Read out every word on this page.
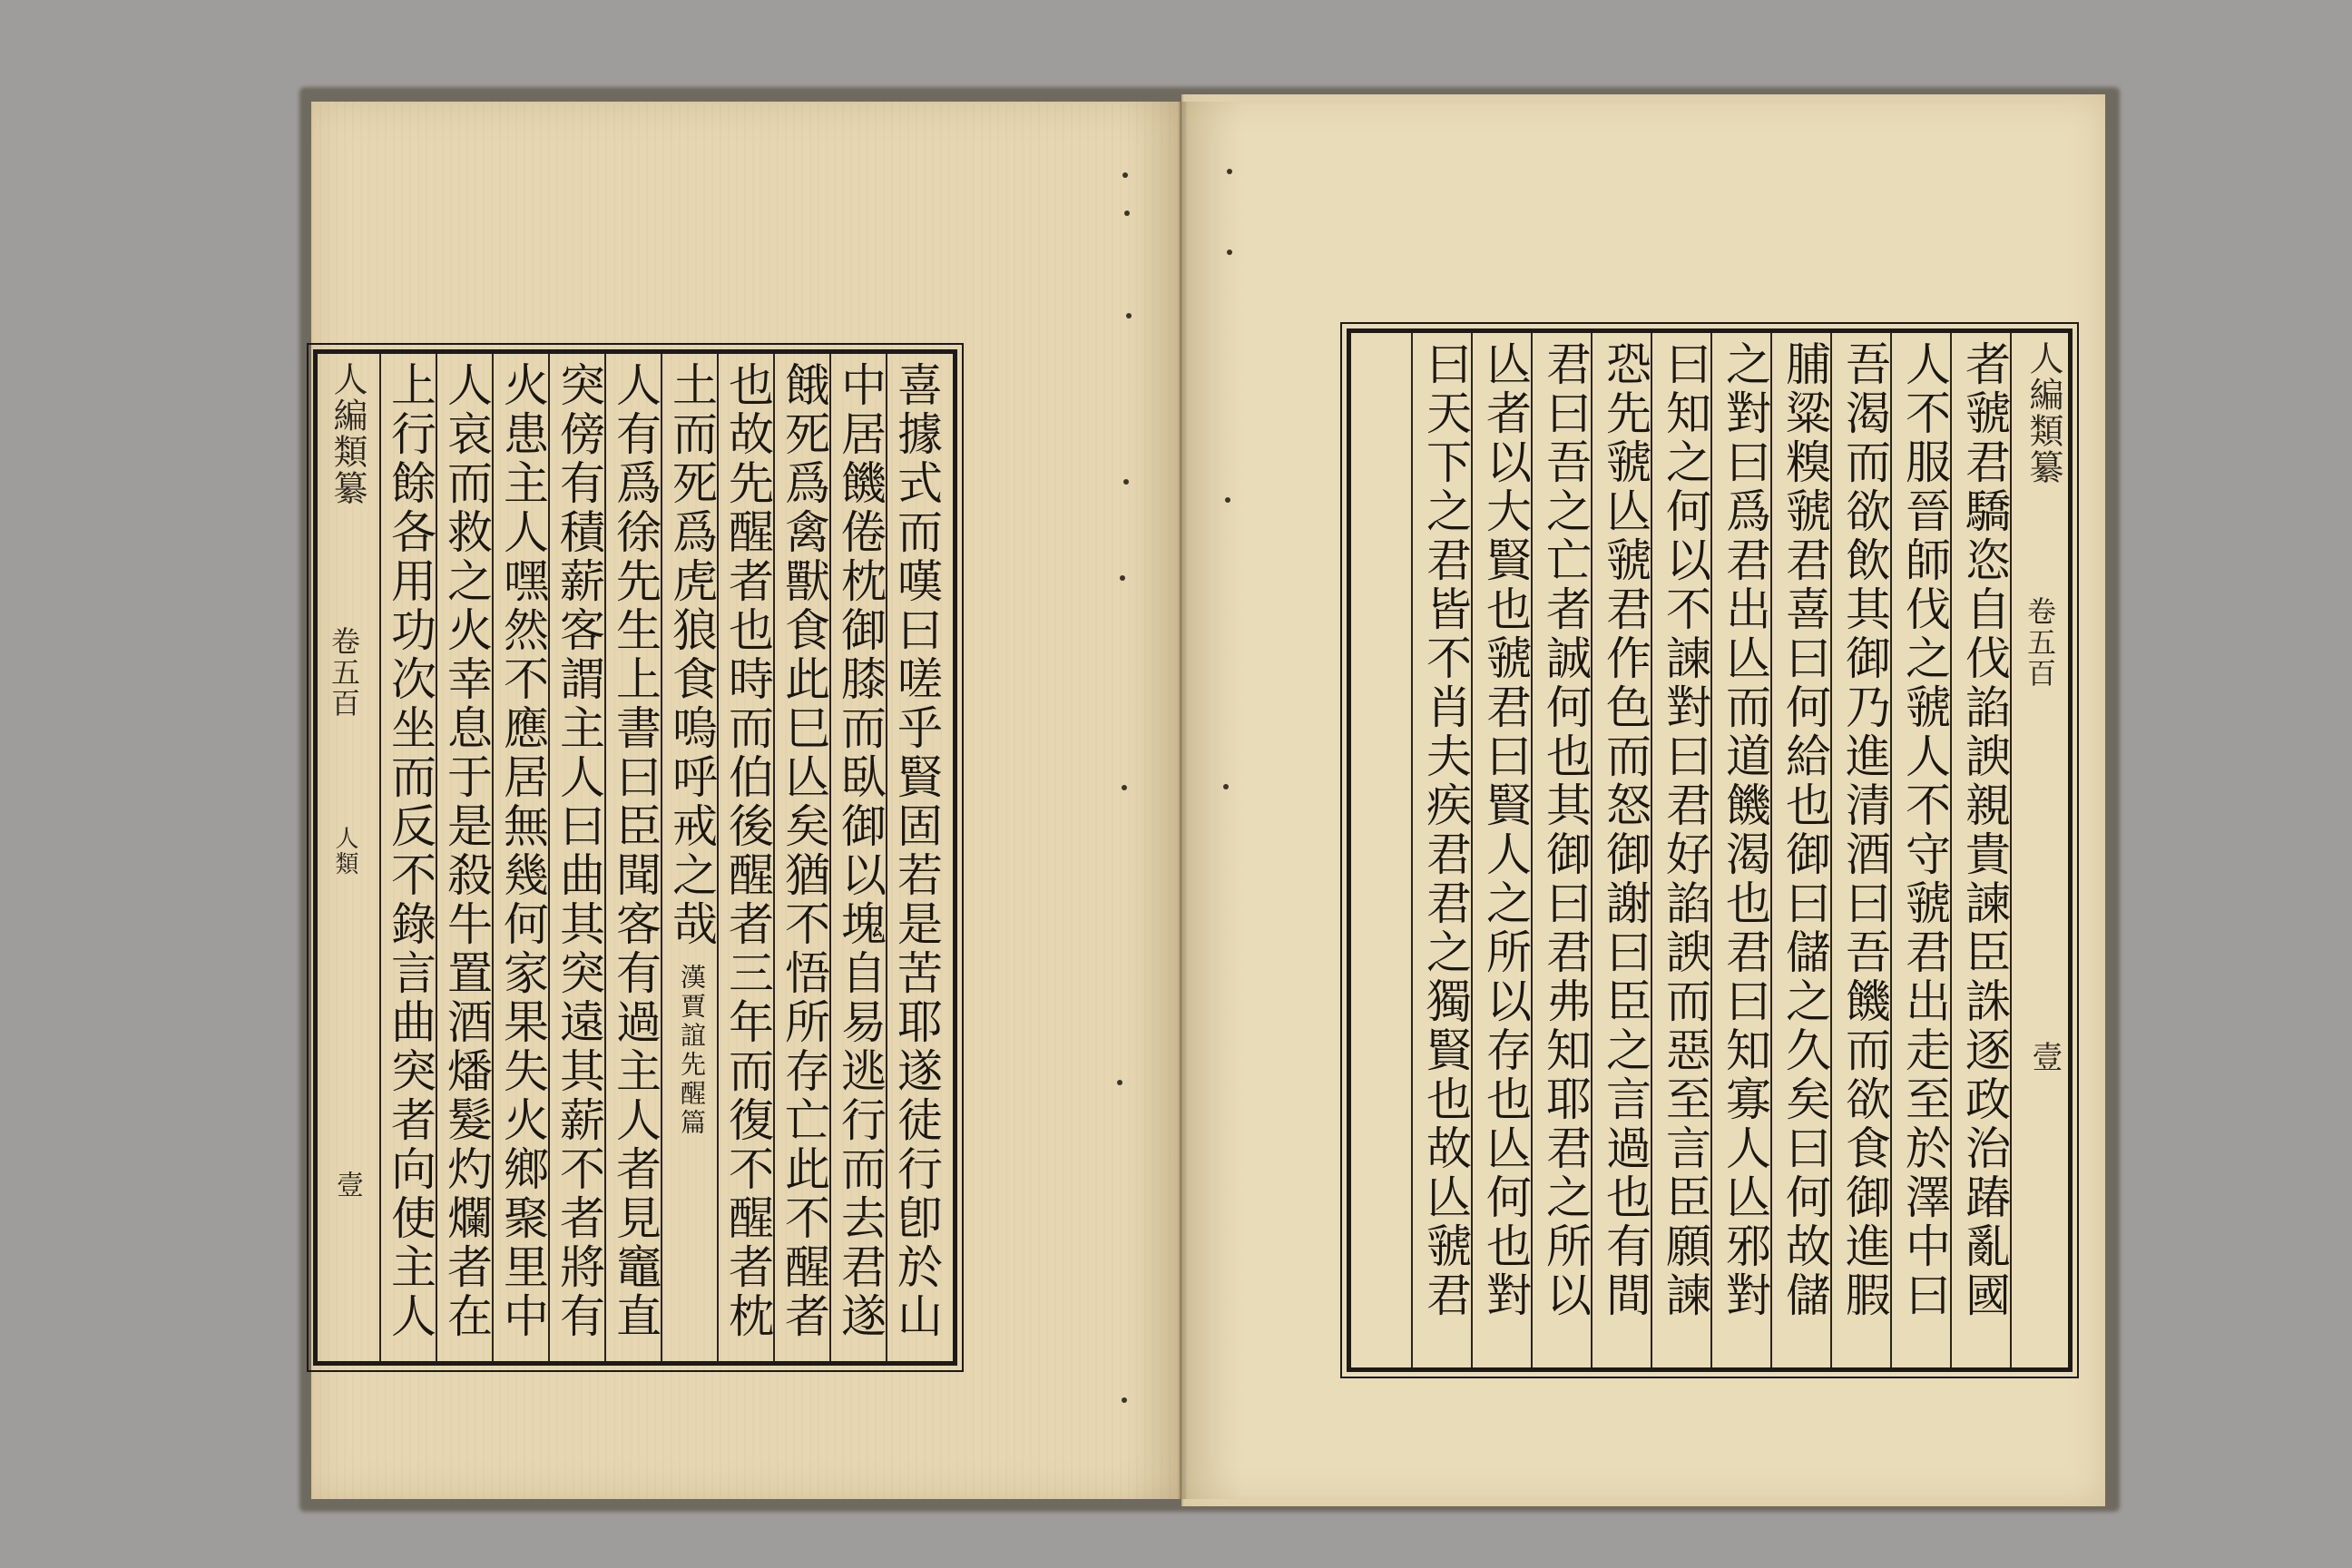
人編類纂
卷五百
人類
壹	喜據式而嘆曰嗟乎賢固若是苦耶遂徒行卽於山
中居饑倦枕御膝而臥御以塊自易逃行而去君遂
餓死爲禽獸食此巳亾矣猶不悟所存亡此不醒者
也故先醒者也時而伯後醒者三年而復不醒者枕
土而死爲虎狼食嗚呼戒之哉
漢賈誼先醒篇
人有爲徐先生上書曰臣聞客有過主人者見竈直
突傍有積薪客謂主人曰曲其突遠其薪不者將有
火患主人嘿然不應居無幾何家果失火鄉聚里中
人哀而救之火幸息于是殺牛置酒燔髮灼爛者在
上行餘各用功次坐而反不錄言曲突者向使主人	人編類纂
卷五百
壹
者虢君驕恣自伐諂諛親貴諫臣誅逐政治踳亂國
人不服晉師伐之虢人不守虢君出走至於澤中曰
吾渴而欲飲其御乃進清酒曰吾饑而欲食御進腵
脯粱糗虢君喜曰何給也御曰儲之久矣曰何故儲
之對曰爲君出亾而道饑渴也君曰知寡人亾邪對
曰知之何以不諫對曰君好諂諛而惡至言臣願諫
恐先虢亾虢君作色而怒御謝曰臣之言過也有間
君曰吾之亡者誠何也其御曰君弗知耶君之所以
亾者以大賢也虢君曰賢人之所以存也亾何也對
曰天下之君皆不肖夫疾君君之獨賢也故亾虢君
